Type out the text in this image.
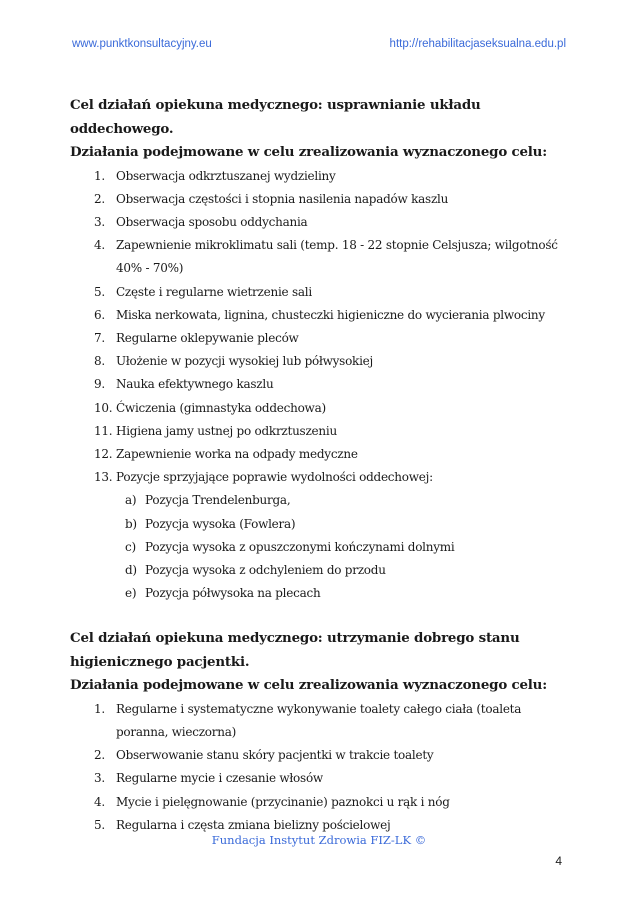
www.punktkonsultacyjny.eu	http://rehabilitacjaseksualna.edu.pl
Cel działań opiekuna medycznego: usprawnianie układu oddechowego.
Działania podejmowane w celu zrealizowania wyznaczonego celu:
1. Obserwacja odkrztuszanej wydzieliny
2. Obserwacja częstości i stopnia nasilenia napadów kaszlu
3. Obserwacja sposobu oddychania
4. Zapewnienie mikroklimatu sali (temp. 18 - 22 stopnie Celsjusza; wilgotność 40% - 70%)
5. Częste i regularne wietrzenie sali
6. Miska nerkowata, lignina, chusteczki higieniczne do wycierania plwociny
7. Regularne oklepywanie pleców
8. Ułożenie w pozycji wysokiej lub półwysokiej
9. Nauka efektywnego kaszlu
10. Ćwiczenia (gimnastyka oddechowa)
11. Higiena jamy ustnej po odkrztuszeniu
12. Zapewnienie worka na odpady medyczne
13. Pozycje sprzyjające poprawie wydolności oddechowej:
a) Pozycja Trendelenburga,
b) Pozycja wysoka (Fowlera)
c) Pozycja wysoka z opuszczonymi kończynami dolnymi
d) Pozycja wysoka z odchyleniem do przodu
e) Pozycja półwysoka na plecach
Cel działań opiekuna medycznego: utrzymanie dobrego stanu
higienicznego pacjentki.
Działania podejmowane w celu zrealizowania wyznaczonego celu:
1. Regularne i systematyczne wykonywanie toalety całego ciała (toaleta poranna, wieczorna)
2. Obserwowanie stanu skóry pacjentki w trakcie toalety
3. Regularne mycie i czesanie włosów
4. Mycie i pielęgnowanie (przycinanie) paznokci u rąk i nóg
5. Regularna i częsta zmiana bielizny pościelowej
Fundacja Instytut Zdrowia FIZ-LK ©
4
